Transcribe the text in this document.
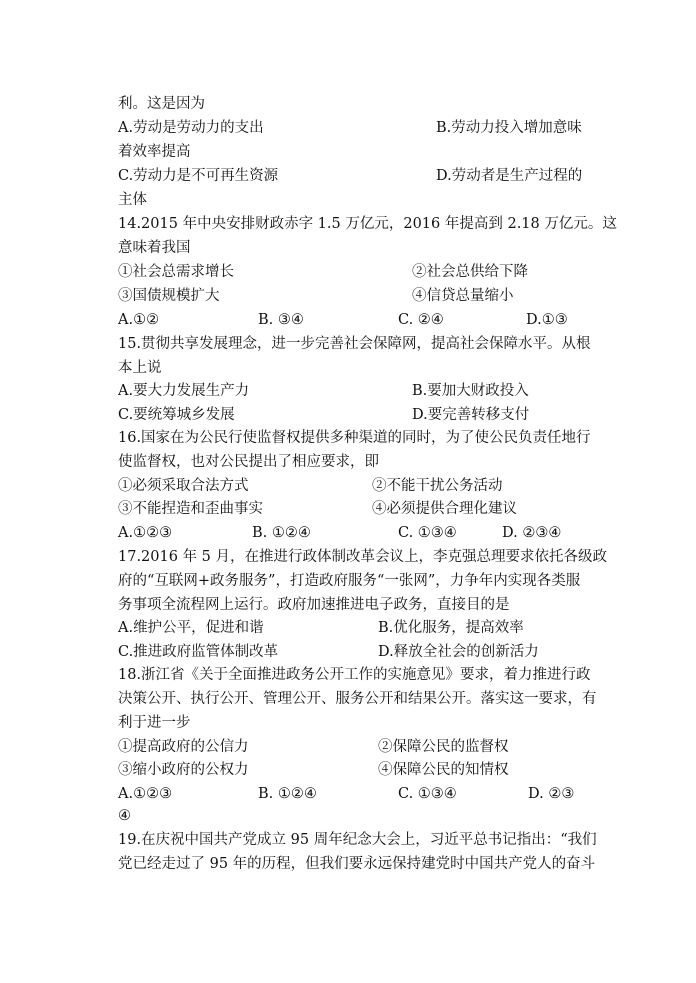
利。这是因为
A.劳动是劳动力的支出	B.劳动力投入增加意味
着效率提高
C.劳动力是不可再生资源	D.劳动者是生产过程的
主体
14.2015 年中央安排财政赤字 1.5 万亿元，2016 年提高到 2.18 万亿元。这
意味着我国
①社会总需求增长	②社会总供给下降
③国债规模扩大	④信贷总量缩小
A.①②	B. ③④	C. ②④	D.①③
15.贯彻共享发展理念，进一步完善社会保障网，提高社会保障水平。从根
本上说
A.要大力发展生产力	B.要加大财政投入
C.要统筹城乡发展	D.要完善转移支付
16.国家在为公民行使监督权提供多种渠道的同时，为了使公民负责任地行
使监督权，也对公民提出了相应要求，即
①必须采取合法方式	②不能干扰公务活动
③不能捏造和歪曲事实	④必须提供合理化建议
A.①②③	B. ①②④	C. ①③④	D. ②③④
17.2016 年 5 月，在推进行政体制改革会议上，李克强总理要求依托各级政
府的“互联网+政务服务”，打造政府服务“一张网”，力争年内实现各类服
务事项全流程网上运行。政府加速推进电子政务，直接目的是
A.维护公平，促进和谐	B.优化服务，提高效率
C.推进政府监管体制改革	D.释放全社会的创新活力
18.浙江省《关于全面推进政务公开工作的实施意见》要求，着力推进行政
决策公开、执行公开、管理公开、服务公开和结果公开。落实这一要求，有
利于进一步
①提高政府的公信力	②保障公民的监督权
③缩小政府的公权力	④保障公民的知情权
A.①②③	B. ①②④	C. ①③④	D. ②③
④
19.在庆祝中国共产党成立 95 周年纪念大会上，习近平总书记指出：“我们
党已经走过了 95 年的历程，但我们要永远保持建党时中国共产党人的奋斗
